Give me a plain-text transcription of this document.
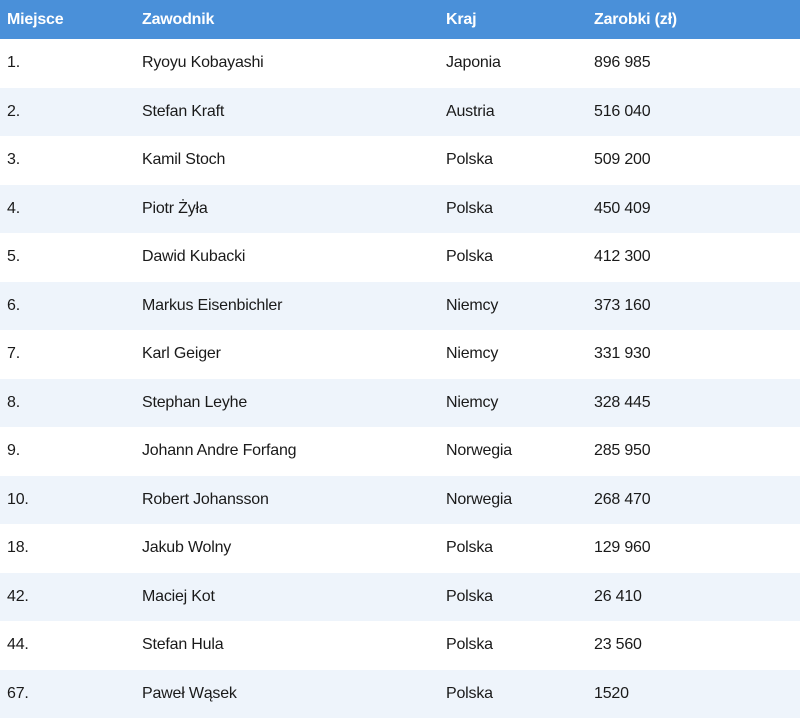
Miejsce	Zawodnik	Kraj	Zarobki (zł)
1.	Ryoyu Kobayashi	Japonia	896 985
2.	Stefan Kraft	Austria	516 040
3.	Kamil Stoch	Polska	509 200
4.	Piotr Żyła	Polska	450 409
5.	Dawid Kubacki	Polska	412 300
6.	Markus Eisenbichler	Niemcy	373 160
7.	Karl Geiger	Niemcy	331 930
8.	Stephan Leyhe	Niemcy	328 445
9.	Johann Andre Forfang	Norwegia	285 950
10.	Robert Johansson	Norwegia	268 470
18.	Jakub Wolny	Polska	129 960
42.	Maciej Kot	Polska	26 410
44.	Stefan Hula	Polska	23 560
67.	Paweł Wąsek	Polska	1520
